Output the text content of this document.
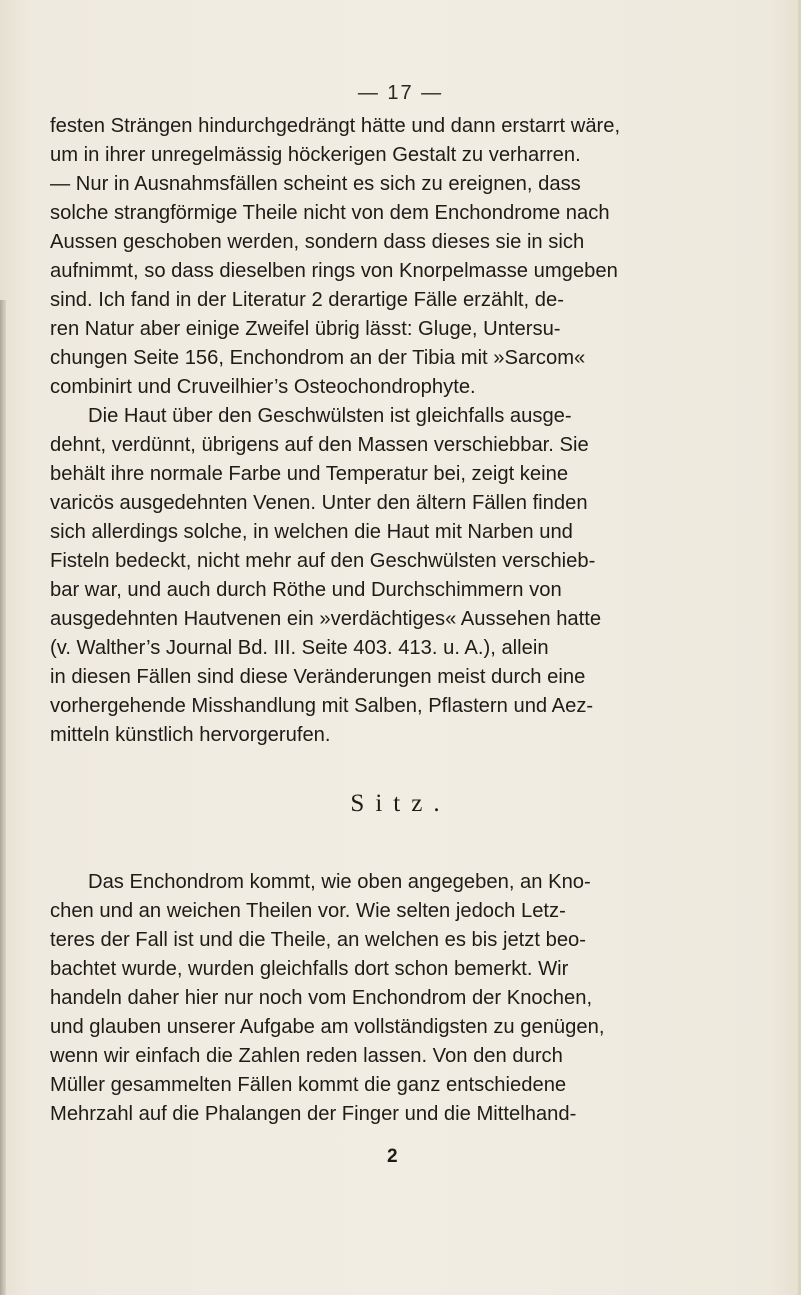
— 17 —
festen Strängen hindurchgedrängt hätte und dann erstarrt wäre,
um in ihrer unregelmässig höckerigen Gestalt zu verharren.
— Nur in Ausnahmsfällen scheint es sich zu ereignen, dass
solche strangförmige Theile nicht von dem Enchondrome nach
Aussen geschoben werden, sondern dass dieses sie in sich
aufnimmt, so dass dieselben rings von Knorpelmasse umgeben
sind. Ich fand in der Literatur 2 derartige Fälle erzählt, de-
ren Natur aber einige Zweifel übrig lässt: Gluge, Untersu-
chungen Seite 156, Enchondrom an der Tibia mit »Sarcom«
combinirt und Cruveilhier’s Osteochondrophyte.
Die Haut über den Geschwülsten ist gleichfalls ausge-
dehnt, verdünnt, übrigens auf den Massen verschiebbar. Sie
behält ihre normale Farbe und Temperatur bei, zeigt keine
varicös ausgedehnten Venen. Unter den ältern Fällen finden
sich allerdings solche, in welchen die Haut mit Narben und
Fisteln bedeckt, nicht mehr auf den Geschwülsten verschieb-
bar war, und auch durch Röthe und Durchschimmern von
ausgedehnten Hautvenen ein »verdächtiges« Aussehen hatte
(v. Walther’s Journal Bd. III. Seite 403. 413. u. A.), allein
in diesen Fällen sind diese Veränderungen meist durch eine
vorhergehende Misshandlung mit Salben, Pflastern und Aez-
mitteln künstlich hervorgerufen.
Sitz.
Das Enchondrom kommt, wie oben angegeben, an Kno-
chen und an weichen Theilen vor. Wie selten jedoch Letz-
teres der Fall ist und die Theile, an welchen es bis jetzt beo-
bachtet wurde, wurden gleichfalls dort schon bemerkt. Wir
handeln daher hier nur noch vom Enchondrom der Knochen,
und glauben unserer Aufgabe am vollständigsten zu genügen,
wenn wir einfach die Zahlen reden lassen. Von den durch
Müller gesammelten Fällen kommt die ganz entschiedene
Mehrzahl auf die Phalangen der Finger und die Mittelhand-
2
